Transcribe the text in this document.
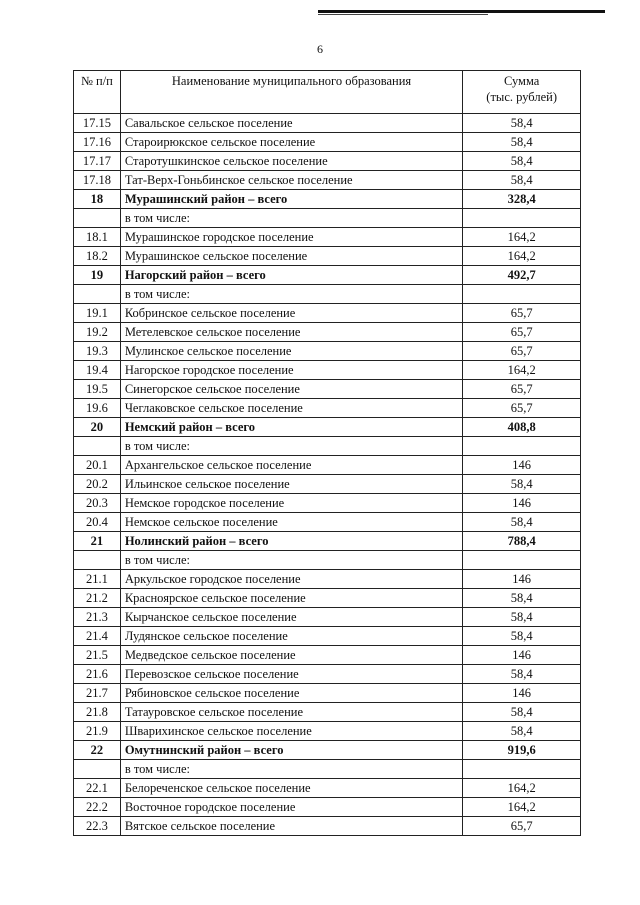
6
№ п/п	Наименование муниципального образования	Сумма
(тыс. рублей)
17.15	Савальское сельское поселение	58,4
17.16	Староирюкское сельское поселение	58,4
17.17	Старотушкинское сельское поселение	58,4
17.18	Тат-Верх-Гоньбинское сельское поселение	58,4
18	Мурашинский район – всего	328,4
	в том числе:	
18.1	Мурашинское городское поселение	164,2
18.2	Мурашинское сельское поселение	164,2
19	Нагорский район – всего	492,7
	в том числе:	
19.1	Кобринское сельское поселение	65,7
19.2	Метелевское сельское поселение	65,7
19.3	Мулинское сельское поселение	65,7
19.4	Нагорское городское поселение	164,2
19.5	Синегорское сельское поселение	65,7
19.6	Чеглаковское сельское поселение	65,7
20	Немский район – всего	408,8
	в том числе:	
20.1	Архангельское сельское поселение	146
20.2	Ильинское сельское поселение	58,4
20.3	Немское городское поселение	146
20.4	Немское сельское поселение	58,4
21	Нолинский район – всего	788,4
	в том числе:	
21.1	Аркульское городское поселение	146
21.2	Красноярское сельское поселение	58,4
21.3	Кырчанское сельское поселение	58,4
21.4	Лудянское сельское поселение	58,4
21.5	Медведское сельское поселение	146
21.6	Перевозское сельское поселение	58,4
21.7	Рябиновское сельское поселение	146
21.8	Татауровское сельское поселение	58,4
21.9	Шварихинское сельское поселение	58,4
22	Омутнинский район – всего	919,6
	в том числе:	
22.1	Белореченское сельское поселение	164,2
22.2	Восточное городское поселение	164,2
22.3	Вятское сельское поселение	65,7
